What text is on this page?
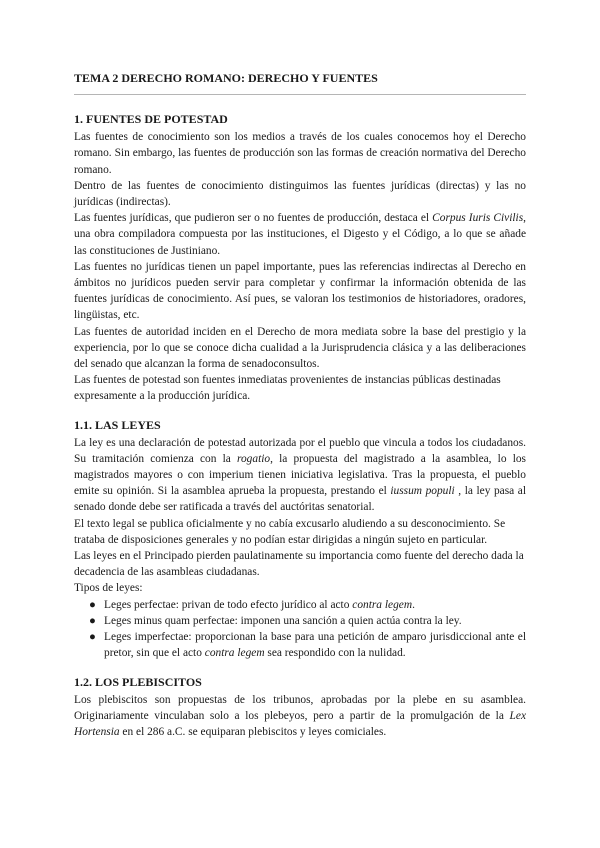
TEMA 2 DERECHO ROMANO: DERECHO Y FUENTES

1. FUENTES DE POTESTAD

Las fuentes de conocimiento son los medios a través de los cuales conocemos hoy el Derecho romano. Sin embargo, las fuentes de producción son las formas de creación normativa del Derecho romano.

Dentro de las fuentes de conocimiento distinguimos las fuentes jurídicas (directas) y las no jurídicas (indirectas).

Las fuentes jurídicas, que pudieron ser o no fuentes de producción, destaca el Corpus Iuris Civilis, una obra compiladora compuesta por las instituciones, el Digesto y el Código, a lo que se añade las constituciones de Justiniano.

Las fuentes no jurídicas tienen un papel importante, pues las referencias indirectas al Derecho en ámbitos no jurídicos pueden servir para completar y confirmar la información obtenida de las fuentes jurídicas de conocimiento. Así pues, se valoran los testimonios de historiadores, oradores, lingüistas, etc.

Las fuentes de autoridad inciden en el Derecho de mora mediata sobre la base del prestigio y la experiencia, por lo que se conoce dicha cualidad a la Jurisprudencia clásica y a las deliberaciones del senado que alcanzan la forma de senadoconsultos.

Las fuentes de potestad son fuentes inmediatas provenientes de instancias públicas destinadas expresamente a la producción jurídica.

1.1. LAS LEYES

La ley es una declaración de potestad autorizada por el pueblo que vincula a todos los ciudadanos. Su tramitación comienza con la rogatio, la propuesta del magistrado a la asamblea, lo los magistrados mayores o con imperium tienen iniciativa legislativa. Tras la propuesta, el pueblo emite su opinión. Si la asamblea aprueba la propuesta, prestando el iussum populi , la ley pasa al senado donde debe ser ratificada a través del auctóritas senatorial.

El texto legal se publica oficialmente y no cabía excusarlo aludiendo a su desconocimiento. Se trataba de disposiciones generales y no podían estar dirigidas a ningún sujeto en particular.

Las leyes en el Principado pierden paulatinamente su importancia como fuente del derecho dada la decadencia de las asambleas ciudadanas.

Tipos de leyes:

● Leges perfectae: privan de todo efecto jurídico al acto contra legem.
● Leges minus quam perfectae: imponen una sanción a quien actúa contra la ley.
● Leges imperfectae: proporcionan la base para una petición de amparo jurisdiccional ante el pretor, sin que el acto contra legem sea respondido con la nulidad.
1.2. LOS PLEBISCITOS

Los plebiscitos son propuestas de los tribunos, aprobadas por la plebe en su asamblea. Originariamente vinculaban solo a los plebeyos, pero a partir de la promulgación de la Lex Hortensia en el 286 a.C. se equiparan plebiscitos y leyes comiciales.
